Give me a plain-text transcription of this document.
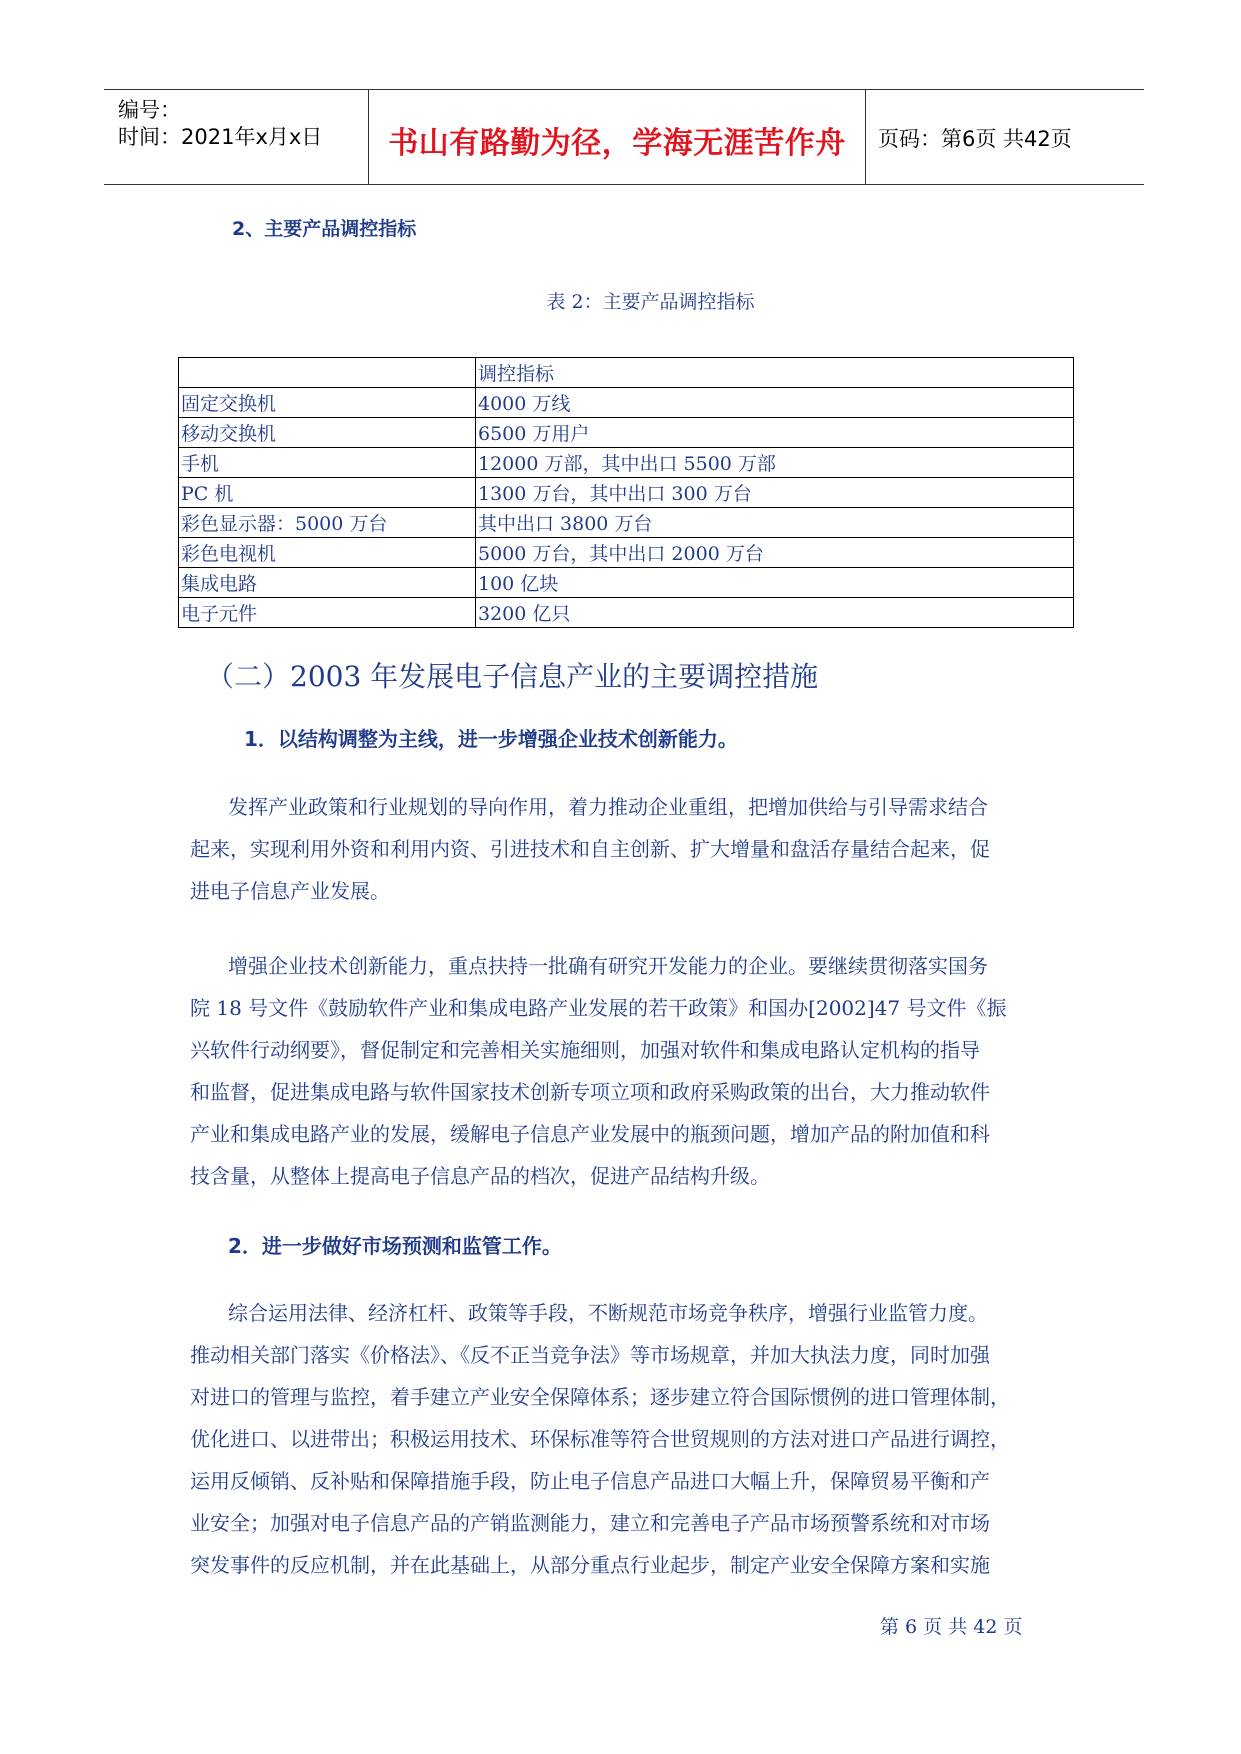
编号：
时间：2021年x月x日	书山有路勤为径，学海无涯苦作舟	页码：第6页 共42页
2、主要产品调控指标
表 2：主要产品调控指标
	调控指标
固定交换机	4000 万线
移动交换机	6500 万用户
手机	12000 万部，其中出口 5500 万部
PC 机	1300 万台，其中出口 300 万台
彩色显示器：5000 万台	其中出口 3800 万台
彩色电视机	5000 万台，其中出口 2000 万台
集成电路	100 亿块
电子元件	3200 亿只
（二）2003 年发展电子信息产业的主要调控措施
1．以结构调整为主线，进一步增强企业技术创新能力。
发挥产业政策和行业规划的导向作用，着力推动企业重组，把增加供给与引导需求结合
起来，实现利用外资和利用内资、引进技术和自主创新、扩大增量和盘活存量结合起来，促
进电子信息产业发展。
增强企业技术创新能力，重点扶持一批确有研究开发能力的企业。要继续贯彻落实国务
院 18 号文件《鼓励软件产业和集成电路产业发展的若干政策》和国办[2002]47 号文件《振
兴软件行动纲要》，督促制定和完善相关实施细则，加强对软件和集成电路认定机构的指导
和监督，促进集成电路与软件国家技术创新专项立项和政府采购政策的出台，大力推动软件
产业和集成电路产业的发展，缓解电子信息产业发展中的瓶颈问题，增加产品的附加值和科
技含量，从整体上提高电子信息产品的档次，促进产品结构升级。
2．进一步做好市场预测和监管工作。
综合运用法律、经济杠杆、政策等手段，不断规范市场竞争秩序，增强行业监管力度。
推动相关部门落实《价格法》、《反不正当竞争法》等市场规章，并加大执法力度，同时加强
对进口的管理与监控，着手建立产业安全保障体系；逐步建立符合国际惯例的进口管理体制，
优化进口、以进带出；积极运用技术、环保标准等符合世贸规则的方法对进口产品进行调控，
运用反倾销、反补贴和保障措施手段，防止电子信息产品进口大幅上升，保障贸易平衡和产
业安全；加强对电子信息产品的产销监测能力，建立和完善电子产品市场预警系统和对市场
突发事件的反应机制，并在此基础上，从部分重点行业起步，制定产业安全保障方案和实施
第 6 页 共 42 页
